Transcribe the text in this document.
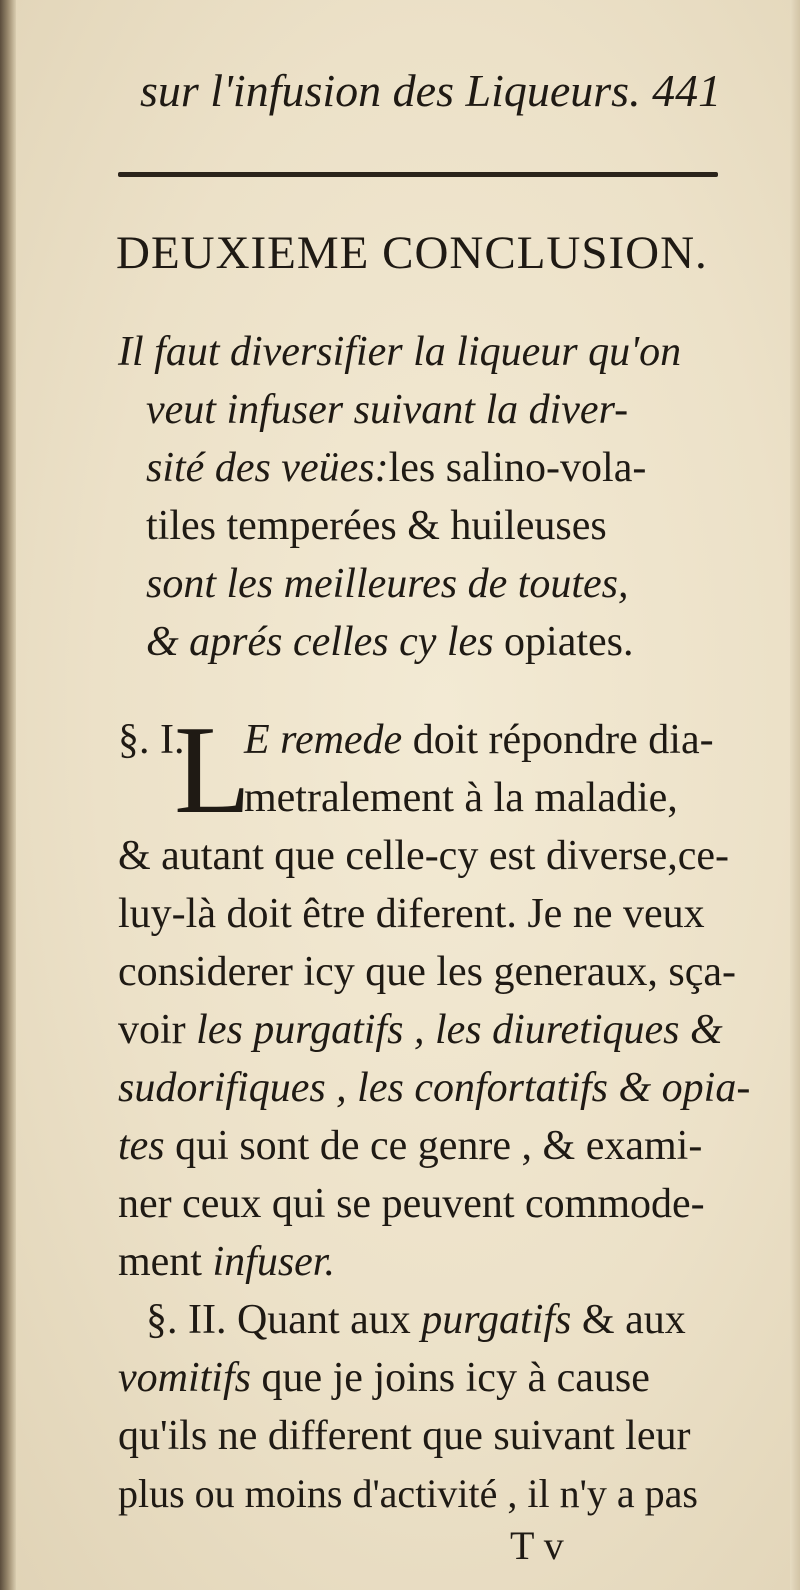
sur l'infusion des Liqueurs. 441
DEUXIEME CONCLUSION.
Il faut diversifier la liqueur qu'on
veut infuser suivant la diver-
sité des veües:les salino-vola-
tiles temperées & huileuses
sont les meilleures de toutes,
& aprés celles cy les opiates.
§. I.
L
E remede doit répondre dia-
metralement à la maladie,
& autant que celle-cy est diverse,ce-
luy-là doit être diferent. Je ne veux
considerer icy que les generaux, sça-
voir les purgatifs , les diuretiques &
sudorifiques , les confortatifs & opia-
tes qui sont de ce genre , & exami-
ner ceux qui se peuvent commode-
ment infuser.
§. II. Quant aux purgatifs & aux
vomitifs que je joins icy à cause
qu'ils ne different que suivant leur
plus ou moins d'activité , il n'y a pas
T v
